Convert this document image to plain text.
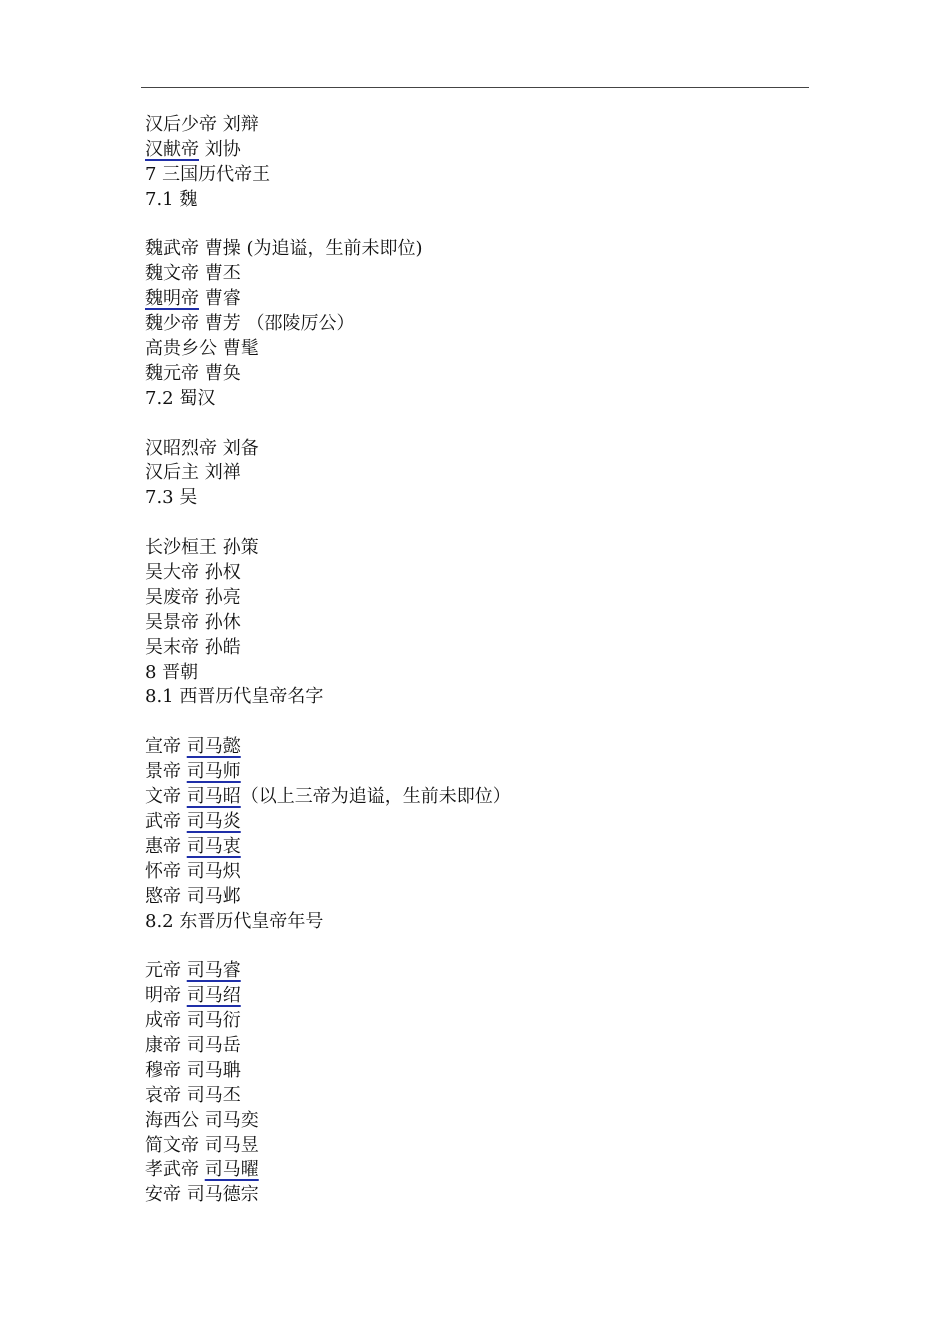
汉后少帝 刘辩
汉献帝 刘协
7 三国历代帝王
7.1 魏
魏武帝 曹操 (为追谥，生前未即位)
魏文帝 曹丕
魏明帝 曹睿
魏少帝 曹芳 （邵陵厉公）
高贵乡公 曹髦
魏元帝 曹奂
7.2 蜀汉
汉昭烈帝 刘备
汉后主 刘禅
7.3 吴
长沙桓王 孙策
吴大帝 孙权
吴废帝 孙亮
吴景帝 孙休
吴末帝 孙皓
8 晋朝
8.1 西晋历代皇帝名字
宣帝 司马懿
景帝 司马师
文帝 司马昭（以上三帝为追谥，生前未即位）
武帝 司马炎
惠帝 司马衷
怀帝 司马炽
愍帝 司马邺
8.2 东晋历代皇帝年号
元帝 司马睿
明帝 司马绍
成帝 司马衍
康帝 司马岳
穆帝 司马聃
哀帝 司马丕
海西公 司马奕
简文帝 司马昱
孝武帝 司马曜
安帝 司马德宗
